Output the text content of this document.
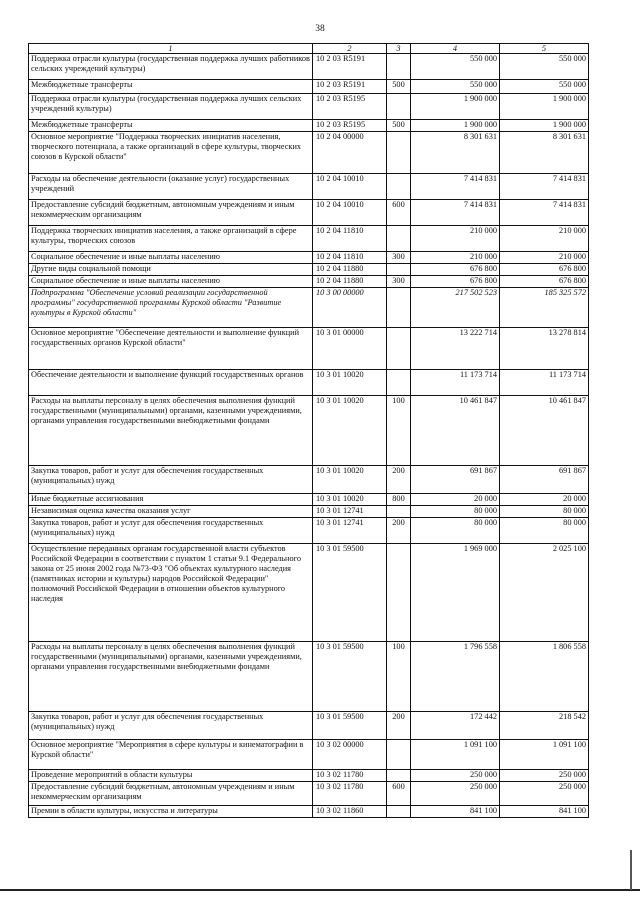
38
1	2	3	4	5
Поддержка отрасли культуры (государственная поддержка лучших работников сельских учреждений культуры)	10 2 03 R5191		550 000	550 000
Межбюджетные трансферты	10 2 03 R5191	500	550 000	550 000
Поддержка отрасли культуры (государственная поддержка лучших сельских учреждений культуры)	10 2 03 R5195		1 900 000	1 900 000
Межбюджетные трансферты	10 2 03 R5195	500	1 900 000	1 900 000
Основное мероприятие "Поддержка творческих инициатив населения, творческого потенциала, а также организаций в сфере культуры, творческих союзов в Курской области"	10 2 04 00000		8 301 631	8 301 631
Расходы на обеспечение деятельности (оказание услуг) государственных учреждений	10 2 04 10010		7 414 831	7 414 831
Предоставление субсидий бюджетным, автономным учреждениям и иным некоммерческим организациям	10 2 04 10010	600	7 414 831	7 414 831
Поддержка творческих инициатив населения, а также организаций в сфере культуры, творческих союзов	10 2 04 11810		210 000	210 000
Социальное обеспечение и иные выплаты населению	10 2 04 11810	300	210 000	210 000
Другие виды социальной помощи	10 2 04 11880		676 800	676 800
Социальное обеспечение и иные выплаты населению	10 2 04 11880	300	676 800	676 800
Подпрограмма "Обеспечение условий реализации государственной программы" государственной программы Курской области "Развитие культуры в Курской области"	10 3 00 00000		217 502 523	185 325 572
Основное мероприятие "Обеспечение деятельности и выполнение функций государственных органов Курской области"	10 3 01 00000		13 222 714	13 278 814
Обеспечение деятельности и выполнение функций государственных органов	10 3 01 10020		11 173 714	11 173 714
Расходы на выплаты персоналу в целях обеспечения выполнения функций государственными (муниципальными) органами, казенными учреждениями, органами управления государственными внебюджетными фондами	10 3 01 10020	100	10 461 847	10 461 847
Закупка товаров, работ и услуг для обеспечения государственных (муниципальных) нужд	10 3 01 10020	200	691 867	691 867
Иные бюджетные ассигнования	10 3 01 10020	800	20 000	20 000
Независимая оценка качества оказания услуг	10 3 01 12741		80 000	80 000
Закупка товаров, работ и услуг для обеспечения государственных (муниципальных) нужд	10 3 01 12741	200	80 000	80 000
Осуществление переданных органам государственной власти субъектов Российской Федерации в соответствии с пунктом 1 статьи 9.1 Федерального закона от 25 июня 2002 года №73-ФЗ "Об объектах культурного наследия (памятниках истории и культуры) народов Российской Федерации" полномочий Российской Федерации в отношении объектов культурного наследия	10 3 01 59500		1 969 000	2 025 100
Расходы на выплаты персоналу в целях обеспечения выполнения функций государственными (муниципальными) органами, казенными учреждениями, органами управления государственными внебюджетными фондами	10 3 01 59500	100	1 796 558	1 806 558
Закупка товаров, работ и услуг для обеспечения государственных (муниципальных) нужд	10 3 01 59500	200	172 442	218 542
Основное мероприятие "Мероприятия в сфере культуры и кинематографии в Курской области"	10 3 02 00000		1 091 100	1 091 100
Проведение мероприятий в области культуры	10 3 02 11780		250 000	250 000
Предоставление субсидий бюджетным, автономным учреждениям и иным некоммерческим организациям	10 3 02 11780	600	250 000	250 000
Премии в области культуры, искусства и литературы	10 3 02 11860		841 100	841 100
